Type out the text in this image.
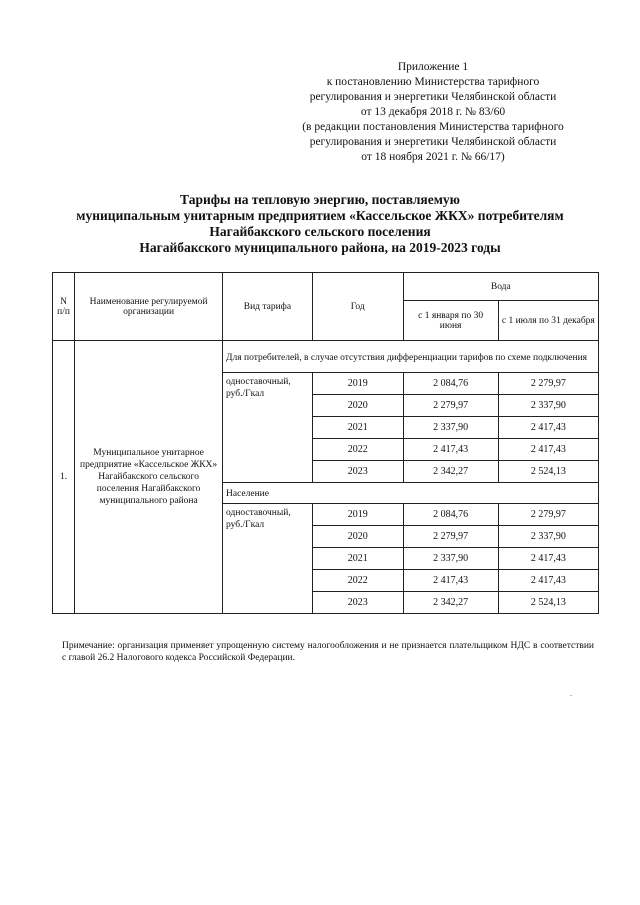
Приложение 1
к постановлению Министерства тарифного
регулирования и энергетики Челябинской области
от 13 декабря 2018 г. № 83/60
(в редакции постановления Министерства тарифного
регулирования и энергетики Челябинской области
от 18 ноября 2021 г. № 66/17)
Тарифы на тепловую энергию, поставляемую
муниципальным унитарным предприятием «Кассельское ЖКХ» потребителям
Нагайбакского сельского поселения
Нагайбакского муниципального района, на 2019-2023 годы
N п/п	Наименование регулируемой организации	Вид тарифа	Год	Вода	
				с 1 января по 30 июня	с 1 июля по 31 декабря
1.	Муниципальное унитарное предприятие «Кассельское ЖКХ» Нагайбакского сельского поселения Нагайбакского муниципального района	Для потребителей, в случае отсутствия дифференциации тарифов по схеме подключения			
		одноставочный, руб./Гкал	2019	2 084,76	2 279,97
			2020	2 279,97	2 337,90
			2021	2 337,90	2 417,43
			2022	2 417,43	2 417,43
			2023	2 342,27	2 524,13
		Население			
		одноставочный, руб./Гкал	2019	2 084,76	2 279,97
			2020	2 279,97	2 337,90
			2021	2 337,90	2 417,43
			2022	2 417,43	2 417,43
			2023	2 342,27	2 524,13
Примечание: организация применяет упрощенную систему налогообложения и не признается плательщиком НДС в соответствии с главой 26.2 Налогового кодекса Российской Федерации.
.
